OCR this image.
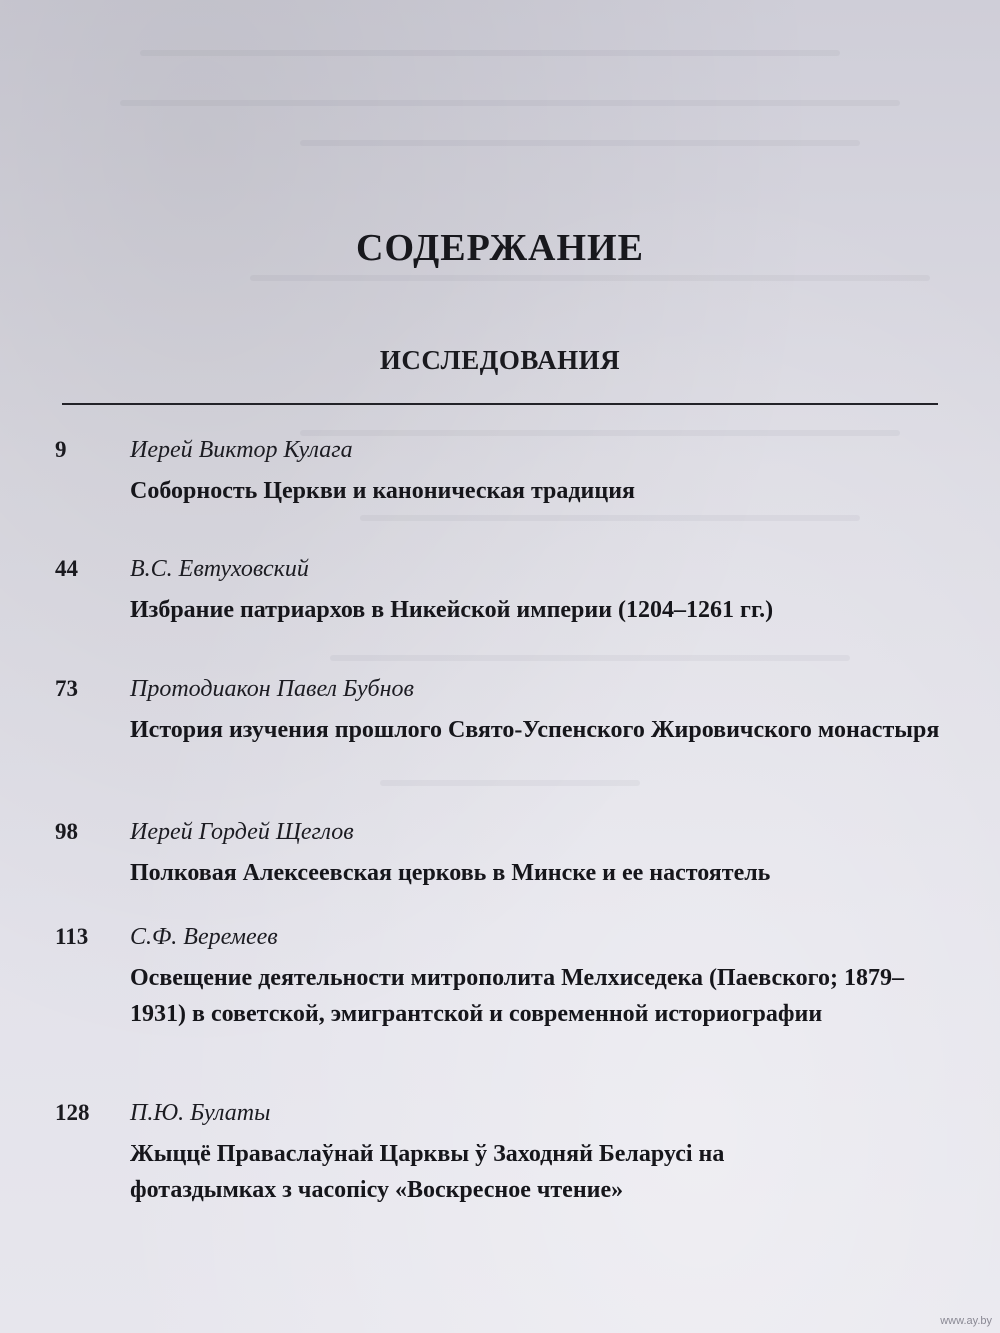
СОДЕРЖАНИЕ
ИССЛЕДОВАНИЯ
9	Иерей Виктор Кулага
Соборность Церкви и каноническая традиция
44 В.С. Евтуховский
Избрание патриархов в Никейской империи (1204–1261 гг.)
73 Протодиакон Павел Бубнов
История изучения прошлого Свято-Успенского Жировичского монастыря
98 Иерей Гордей Щеглов
Полковая Алексеевская церковь в Минске и ее настоятель
113 С.Ф. Веремеев
Освещение деятельности митрополита Мелхиседека (Паевского; 1879–1931) в советской, эмигрантской и современной историографии
128 П.Ю. Булаты
Жыццё Праваслаўнай Царквы ў Заходняй Беларусі на фотаздымках з часопісу «Воскресное чтение»
www.ay.by
